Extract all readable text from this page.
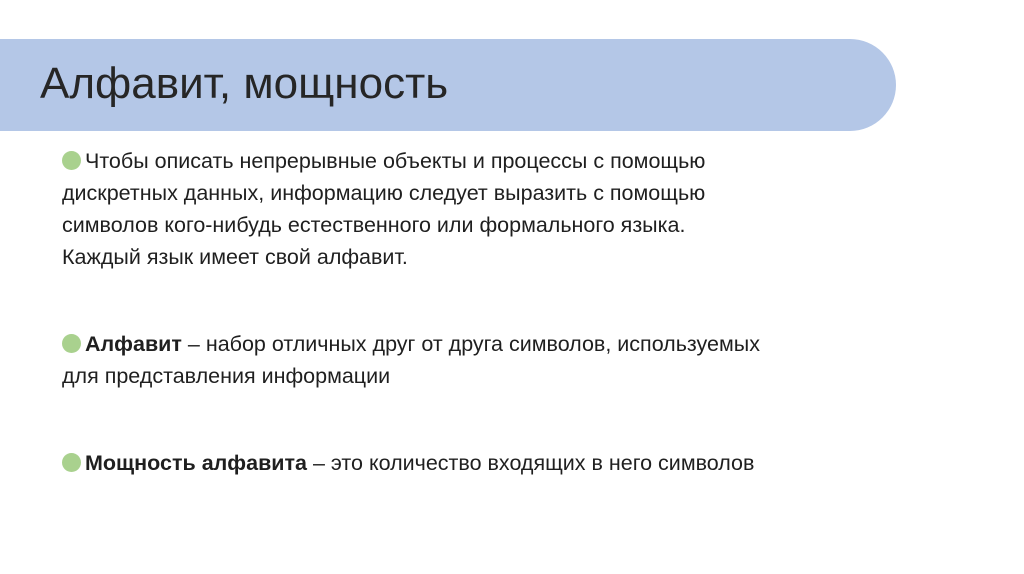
Алфавит, мощность
Чтобы описать непрерывные объекты и процессы с помощью
дискретных данных, информацию следует выразить с помощью
символов кого-нибудь естественного или формального языка.
Каждый язык имеет свой алфавит.
Алфавит – набор отличных друг от друга символов, используемых
для представления информации
Мощность алфавита – это количество входящих в него символов
